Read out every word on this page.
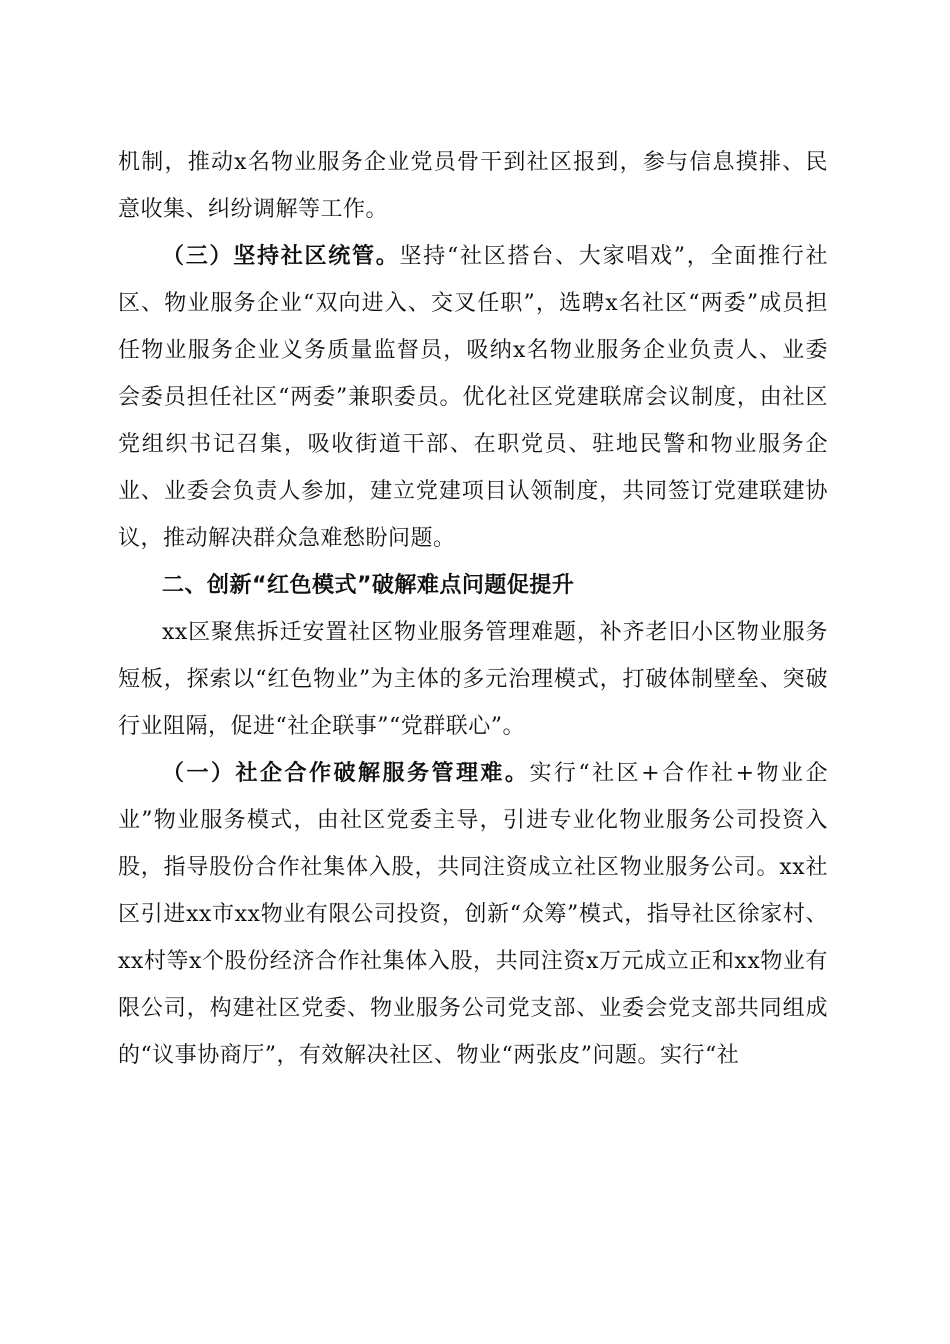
机制，推动x名物业服务企业党员骨干到社区报到，参与信息摸排、民意收集、纠纷调解等工作。

（三）坚持社区统管。坚持“社区搭台、大家唱戏”，全面推行社区、物业服务企业“双向进入、交叉任职”，选聘x名社区“两委”成员担任物业服务企业义务质量监督员，吸纳x名物业服务企业负责人、业委会委员担任社区“两委”兼职委员。优化社区党建联席会议制度，由社区党组织书记召集，吸收街道干部、在职党员、驻地民警和物业服务企业、业委会负责人参加，建立党建项目认领制度，共同签订党建联建协议，推动解决群众急难愁盼问题。

二、创新“红色模式”破解难点问题促提升

xx区聚焦拆迁安置社区物业服务管理难题，补齐老旧小区物业服务短板，探索以“红色物业”为主体的多元治理模式，打破体制壁垒、突破行业阻隔，促进“社企联事”“党群联心”。

（一）社企合作破解服务管理难。实行“社区+合作社+物业企业”物业服务模式，由社区党委主导，引进专业化物业服务公司投资入股，指导股份合作社集体入股，共同注资成立社区物业服务公司。xx社区引进xx市xx物业有限公司投资，创新“众筹”模式，指导社区徐家村、xx村等x个股份经济合作社集体入股，共同注资x万元成立正和xx物业有限公司，构建社区党委、物业服务公司党支部、业委会党支部共同组成的“议事协商厅”，有效解决社区、物业“两张皮”问题。实行“社
